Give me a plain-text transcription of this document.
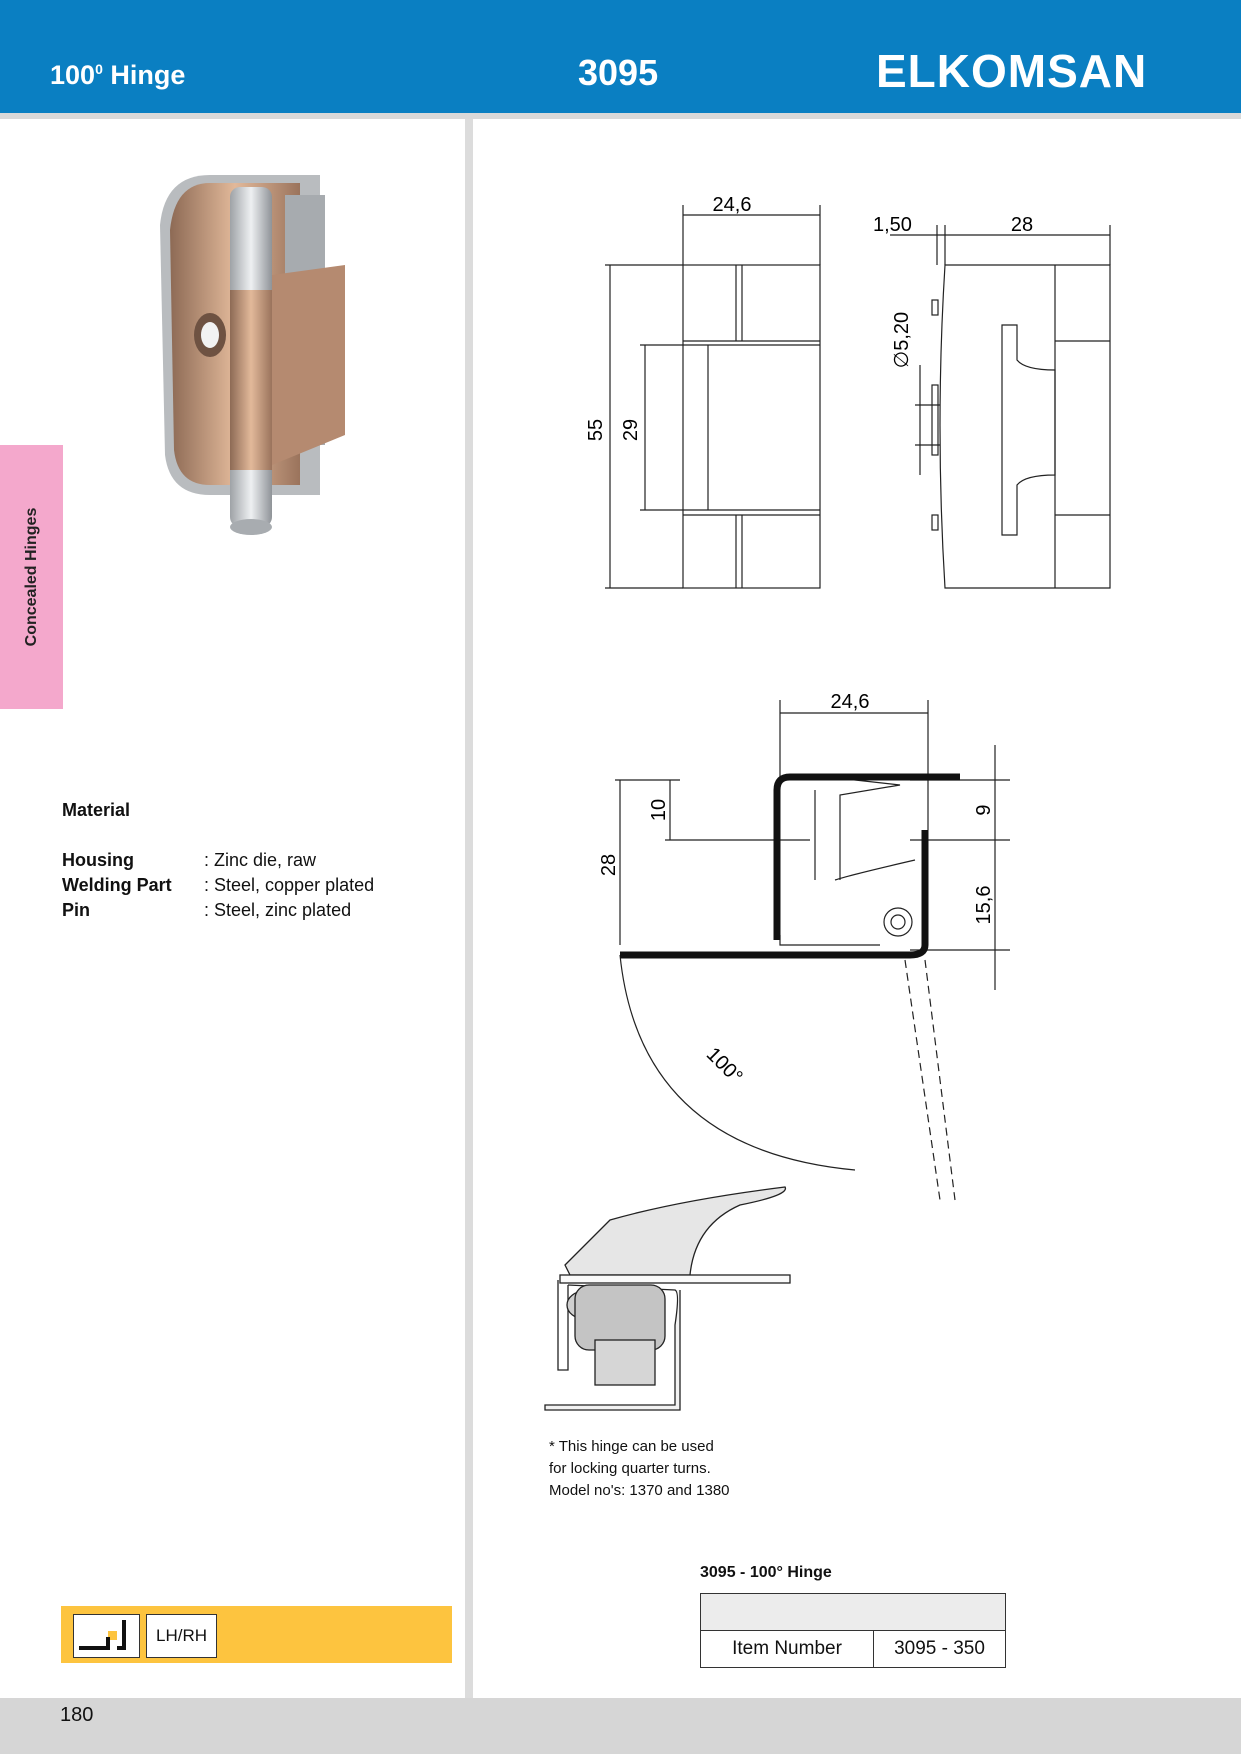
$100^0$ Hinge	3095	ELKOMSAN
Concealed Hinges
24,6
55 29
1,50	28
∅5,20
24,6
28
10	9
15,6
100°
Material
Housing	: Zinc die, raw
Welding Part : Steel, copper plated
Pin	: Steel, zinc plated
* This hinge can be used
for locking quarter turns.
Model no's: 1370 and 1380
3095 - 100° Hinge

Item Number	3095 - 350
LH/RH
180
